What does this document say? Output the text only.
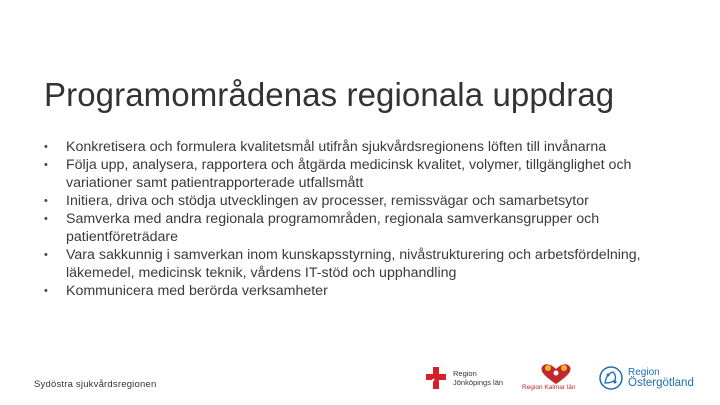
Programområdenas regionala uppdrag
•	Konkretisera och formulera kvalitetsmål utifrån sjukvårdsregionens löften till invånarna
•	Följa upp, analysera, rapportera och åtgärda medicinsk kvalitet, volymer, tillgänglighet och variationer samt patientrapporterade utfallsmått
•	Initiera, driva och stödja utvecklingen av processer, remissvägar och samarbetsytor
•	Samverka med andra regionala programområden, regionala samverkansgrupper och patientföreträdare
•	Vara sakkunnig i samverkan inom kunskapsstyrning, nivåstrukturering och arbetsfördelning, läkemedel, medicinsk teknik, vårdens IT-stöd och upphandling
•	Kommunicera med berörda verksamheter
Sydöstra sjukvårdsregionen
Region
Jönköpings län
Region Kalmar län
Region
Östergötland
